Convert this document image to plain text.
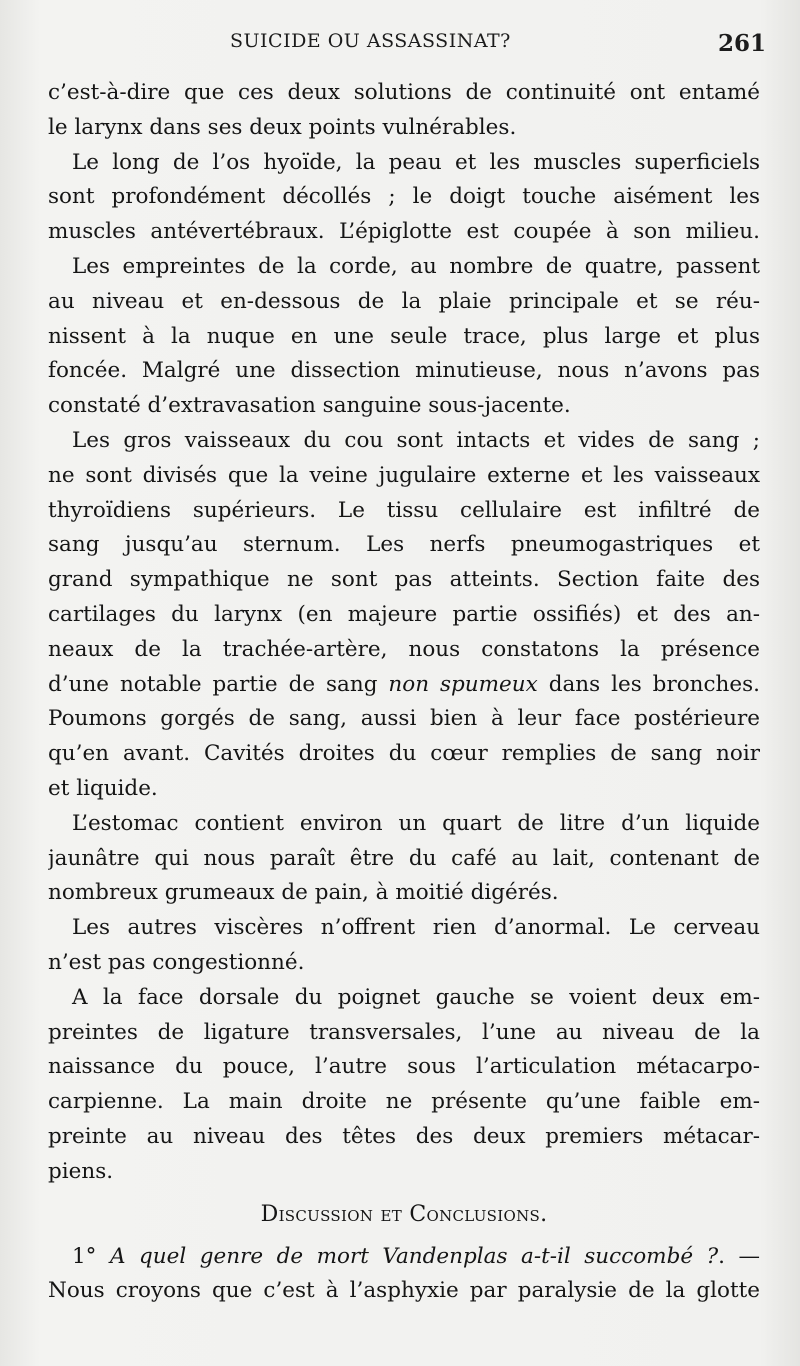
SUICIDE OU ASSASSINAT?	261
c’est-à-dire que ces deux solutions de continuité ont entamé
le larynx dans ses deux points vulnérables.
Le long de l’os hyoïde, la peau et les muscles superficiels
sont profondément décollés ; le doigt touche aisément les
muscles antévertébraux. L’épiglotte est coupée à son milieu.
Les empreintes de la corde, au nombre de quatre, passent
au niveau et en-dessous de la plaie principale et se réu-
nissent à la nuque en une seule trace, plus large et plus
foncée. Malgré une dissection minutieuse, nous n’avons pas
constaté d’extravasation sanguine sous-jacente.
Les gros vaisseaux du cou sont intacts et vides de sang ;
ne sont divisés que la veine jugulaire externe et les vaisseaux
thyroïdiens supérieurs. Le tissu cellulaire est infiltré de
sang jusqu’au sternum. Les nerfs pneumogastriques et
grand sympathique ne sont pas atteints. Section faite des
cartilages du larynx (en majeure partie ossifiés) et des an-
neaux de la trachée-artère, nous constatons la présence
d’une notable partie de sang non spumeux dans les bronches.
Poumons gorgés de sang, aussi bien à leur face postérieure
qu’en avant. Cavités droites du cœur remplies de sang noir
et liquide.
L’estomac contient environ un quart de litre d’un liquide
jaunâtre qui nous paraît être du café au lait, contenant de
nombreux grumeaux de pain, à moitié digérés.
Les autres viscères n’offrent rien d’anormal. Le cerveau
n’est pas congestionné.
A la face dorsale du poignet gauche se voient deux em-
preintes de ligature transversales, l’une au niveau de la
naissance du pouce, l’autre sous l’articulation métacarpo-
carpienne. La main droite ne présente qu’une faible em-
preinte au niveau des têtes des deux premiers métacar-
piens.
Discussion et Conclusions.
1° A quel genre de mort Vandenplas a-t-il succombé ?. —
Nous croyons que c’est à l’asphyxie par paralysie de la glotte
